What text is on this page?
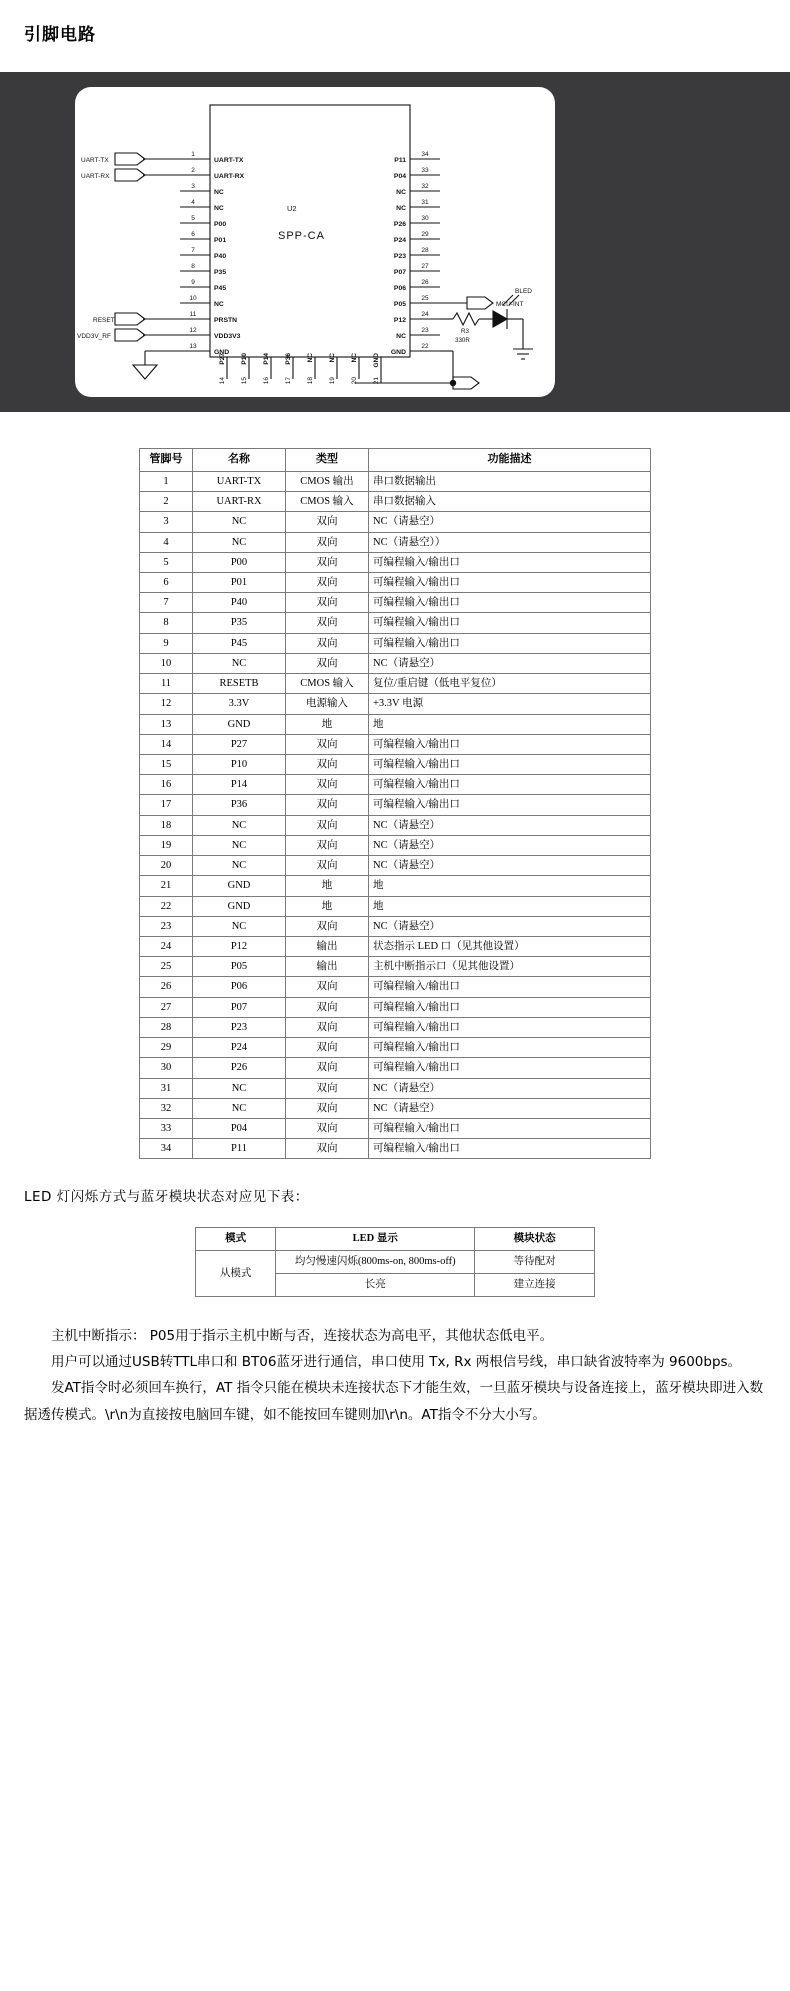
引脚电路
U2
SPP-CA
UART-TX
UART-RX
RESET
VDD3V_RF
1
2
3
4
5
6
7
8
9
10
11
12
13
UART-TX
UART-RX
NC
NC
P00
P01
P40
P35
P45
NC
PRSTN
VDD3V3
GND
34
33
32
31
30
29
28
27
26
25
24
23
22
P11
P04
NC
NC
P26
P24
P23
P07
P06
P05
P12
NC
GND
P27 P10 P14 P36 NC NC NC GND
14 15 16 17 18 19 20 21
MCU-INT
R3
330R
BLED
管脚号	名称	类型	功能描述
1	UART-TX	CMOS 输出	串口数据输出
2	UART-RX	CMOS 输入	串口数据输入
3	NC	双向	NC（请悬空）
4	NC	双向	NC（请悬空））
5	P00	双向	可编程输入/输出口
6	P01	双向	可编程输入/输出口
7	P40	双向	可编程输入/输出口
8	P35	双向	可编程输入/输出口
9	P45	双向	可编程输入/输出口
10	NC	双向	NC（请悬空）
11	RESETB	CMOS 输入	复位/重启键（低电平复位）
12	3.3V	电源输入	+3.3V 电源
13	GND	地	地
14	P27	双向	可编程输入/输出口
15	P10	双向	可编程输入/输出口
16	P14	双向	可编程输入/输出口
17	P36	双向	可编程输入/输出口
18	NC	双向	NC（请悬空）
19	NC	双向	NC（请悬空）
20	NC	双向	NC（请悬空）
21	GND	地	地
22	GND	地	地
23	NC	双向	NC（请悬空）
24	P12	输出	状态指示 LED 口（见其他设置）
25	P05	输出	主机中断指示口（见其他设置）
26	P06	双向	可编程输入/输出口
27	P07	双向	可编程输入/输出口
28	P23	双向	可编程输入/输出口
29	P24	双向	可编程输入/输出口
30	P26	双向	可编程输入/输出口
31	NC	双向	NC（请悬空）
32	NC	双向	NC（请悬空）
33	P04	双向	可编程输入/输出口
34	P11	双向	可编程输入/输出口
LED 灯闪烁方式与蓝牙模块状态对应见下表：
模式	LED 显示	模块状态
从模式	均匀慢速闪烁(800ms-on, 800ms-off)	等待配对
	长亮	建立连接

主机中断指示： P05用于指示主机中断与否，连接状态为高电平，其他状态低电平。

用户可以通过USB转TTL串口和 BT06蓝牙进行通信，串口使用 Tx, Rx 两根信号线，串口缺省波特率为 9600bps。

发AT指令时必须回车换行，AT 指令只能在模块未连接状态下才能生效，一旦蓝牙模块与设备连接上，蓝牙模块即进入数据透传模式。\r\n为直接按电脑回车键，如不能按回车键则加\r\n。AT指令不分大小写。
